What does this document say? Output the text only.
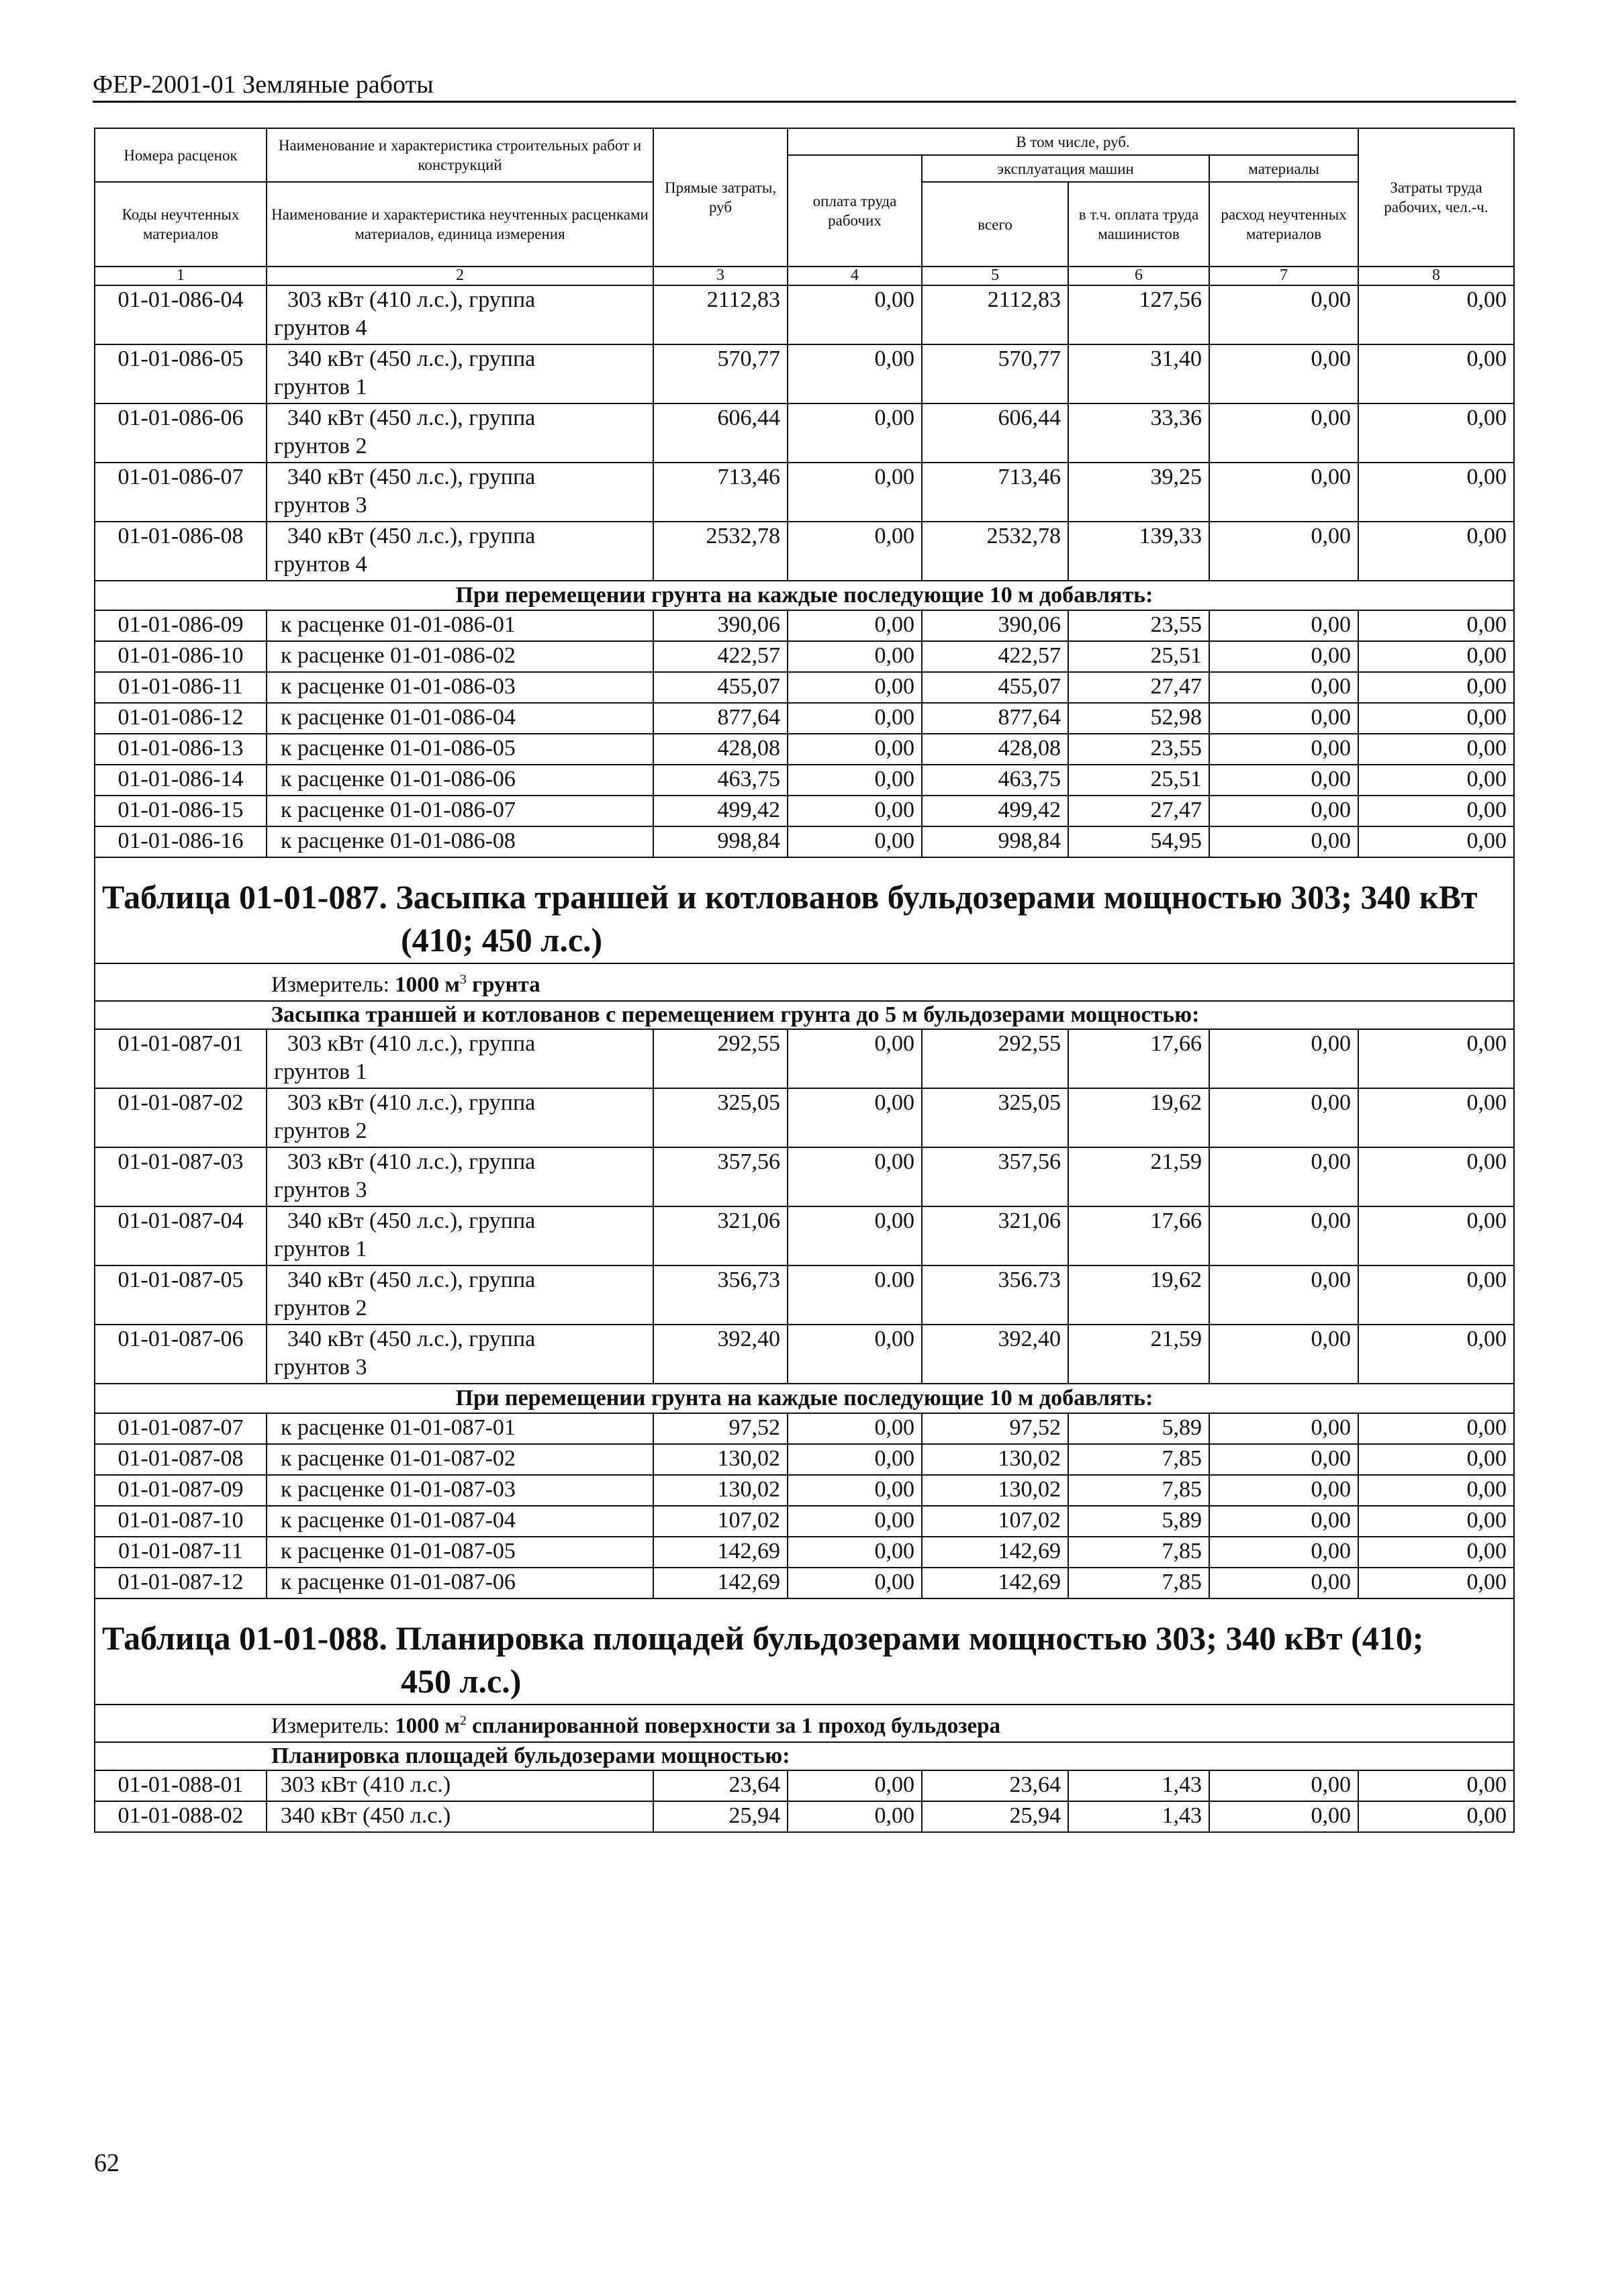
ФЕР-2001-01 Земляные работы
Номера расценок	Наименование и характеристика строительных работ и конструкций	Прямые затраты, руб	В том числе, руб.				Затраты труда рабочих, чел.-ч.
			оплата труда рабочих	эксплуатация машин		материалы	
Коды неучтенных материалов	Наименование и характеристика неучтенных расценками материалов, единица измерения			всего	в т.ч. оплата труда машинистов	расход неучтенных материалов	
1	2	3	4	5	6	7	8
01-01-086-04	303 кВт (410 л.с.), группа
грунтов 4	2112,83	0,00	2112,83	127,56	0,00	0,00
01-01-086-05	340 кВт (450 л.с.), группа
грунтов 1	570,77	0,00	570,77	31,40	0,00	0,00
01-01-086-06	340 кВт (450 л.с.), группа
грунтов 2	606,44	0,00	606,44	33,36	0,00	0,00
01-01-086-07	340 кВт (450 л.с.), группа
грунтов 3	713,46	0,00	713,46	39,25	0,00	0,00
01-01-086-08	340 кВт (450 л.с.), группа
грунтов 4	2532,78	0,00	2532,78	139,33	0,00	0,00
При перемещении грунта на каждые последующие 10 м добавлять:							
01-01-086-09	к расценке 01-01-086-01	390,06	0,00	390,06	23,55	0,00	0,00
01-01-086-10	к расценке 01-01-086-02	422,57	0,00	422,57	25,51	0,00	0,00
01-01-086-11	к расценке 01-01-086-03	455,07	0,00	455,07	27,47	0,00	0,00
01-01-086-12	к расценке 01-01-086-04	877,64	0,00	877,64	52,98	0,00	0,00
01-01-086-13	к расценке 01-01-086-05	428,08	0,00	428,08	23,55	0,00	0,00
01-01-086-14	к расценке 01-01-086-06	463,75	0,00	463,75	25,51	0,00	0,00
01-01-086-15	к расценке 01-01-086-07	499,42	0,00	499,42	27,47	0,00	0,00
01-01-086-16	к расценке 01-01-086-08	998,84	0,00	998,84	54,95	0,00	0,00

Таблица 01-01-087. Засыпка траншей и котлованов бульдозерами мощностью 303; 340 кВт
(410; 450 л.с.)							

Измеритель: 1000 $м^3$ грунта							
Засыпка траншей и котлованов с перемещением грунта до 5 м бульдозерами мощностью:							
01-01-087-01	303 кВт (410 л.с.), группа
грунтов 1	292,55	0,00	292,55	17,66	0,00	0,00
01-01-087-02	303 кВт (410 л.с.), группа
грунтов 2	325,05	0,00	325,05	19,62	0,00	0,00
01-01-087-03	303 кВт (410 л.с.), группа
грунтов 3	357,56	0,00	357,56	21,59	0,00	0,00
01-01-087-04	340 кВт (450 л.с.), группа
грунтов 1	321,06	0,00	321,06	17,66	0,00	0,00
01-01-087-05	340 кВт (450 л.с.), группа
грунтов 2	356,73	0.00	356.73	19,62	0,00	0,00
01-01-087-06	340 кВт (450 л.с.), группа
грунтов 3	392,40	0,00	392,40	21,59	0,00	0,00
При перемещении грунта на каждые последующие 10 м добавлять:							
01-01-087-07	к расценке 01-01-087-01	97,52	0,00	97,52	5,89	0,00	0,00
01-01-087-08	к расценке 01-01-087-02	130,02	0,00	130,02	7,85	0,00	0,00
01-01-087-09	к расценке 01-01-087-03	130,02	0,00	130,02	7,85	0,00	0,00
01-01-087-10	к расценке 01-01-087-04	107,02	0,00	107,02	5,89	0,00	0,00
01-01-087-11	к расценке 01-01-087-05	142,69	0,00	142,69	7,85	0,00	0,00
01-01-087-12	к расценке 01-01-087-06	142,69	0,00	142,69	7,85	0,00	0,00

Таблица 01-01-088. Планировка площадей бульдозерами мощностью 303; 340 кВт (410;
450 л.с.)							

Измеритель: 1000 $м^2$ спланированной поверхности за 1 проход бульдозера							
Планировка площадей бульдозерами мощностью:							
01-01-088-01	303 кВт (410 л.с.)	23,64	0,00	23,64	1,43	0,00	0,00
01-01-088-02	340 кВт (450 л.с.)	25,94	0,00	25,94	1,43	0,00	0,00
62
